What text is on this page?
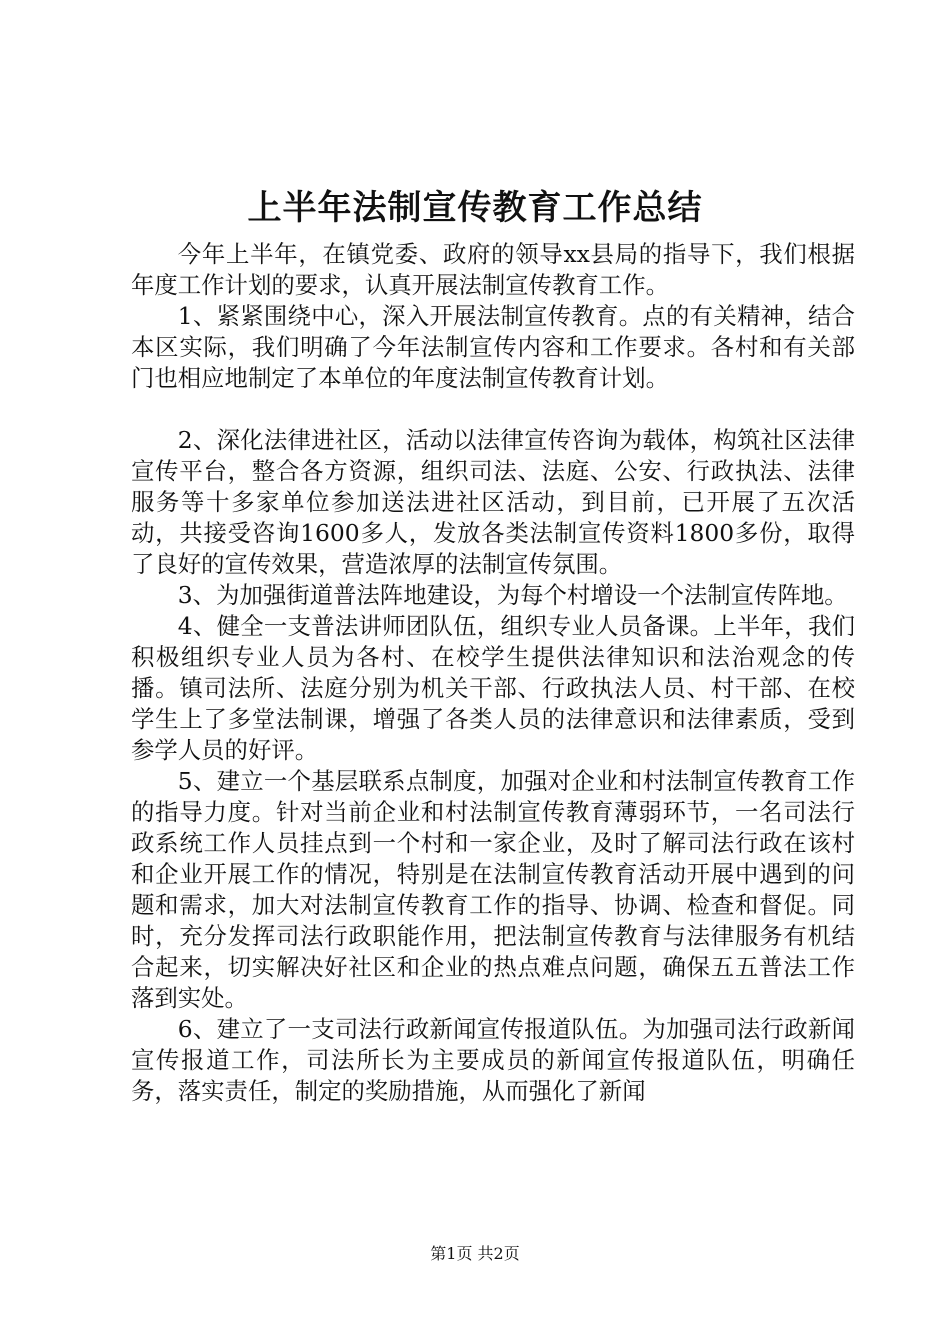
上半年法制宣传教育工作总结

今年上半年，在镇党委、政府的领导xx县局的指导下，我们根据年度工作计划的要求，认真开展法制宣传教育工作。

1、紧紧围绕中心，深入开展法制宣传教育。点的有关精神，结合本区实际，我们明确了今年法制宣传内容和工作要求。各村和有关部门也相应地制定了本单位的年度法制宣传教育计划。

2、深化法律进社区，活动以法律宣传咨询为载体，构筑社区法律宣传平台，整合各方资源，组织司法、法庭、公安、行政执法、法律服务等十多家单位参加送法进社区活动，到目前，已开展了五次活动，共接受咨询1600多人，发放各类法制宣传资料1800多份，取得了良好的宣传效果，营造浓厚的法制宣传氛围。

3、为加强街道普法阵地建设，为每个村增设一个法制宣传阵地。

4、健全一支普法讲师团队伍，组织专业人员备课。上半年，我们积极组织专业人员为各村、在校学生提供法律知识和法治观念的传播。镇司法所、法庭分别为机关干部、行政执法人员、村干部、在校学生上了多堂法制课，增强了各类人员的法律意识和法律素质，受到参学人员的好评。

5、建立一个基层联系点制度，加强对企业和村法制宣传教育工作的指导力度。针对当前企业和村法制宣传教育薄弱环节，一名司法行政系统工作人员挂点到一个村和一家企业，及时了解司法行政在该村和企业开展工作的情况，特别是在法制宣传教育活动开展中遇到的问题和需求，加大对法制宣传教育工作的指导、协调、检查和督促。同时，充分发挥司法行政职能作用，把法制宣传教育与法律服务有机结合起来，切实解决好社区和企业的热点难点问题，确保五五普法工作落到实处。

6、建立了一支司法行政新闻宣传报道队伍。为加强司法行政新闻宣传报道工作，司法所长为主要成员的新闻宣传报道队伍，明确任务，落实责任，制定的奖励措施，从而强化了新闻

第1页 共2页
